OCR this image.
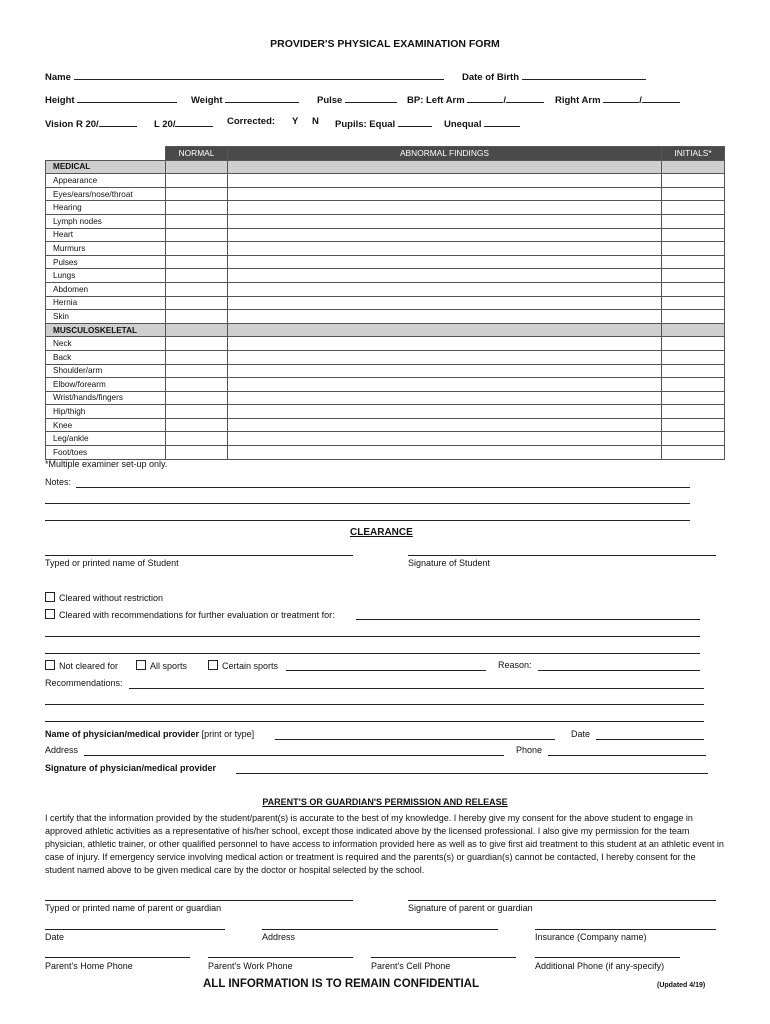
PROVIDER'S PHYSICAL EXAMINATION FORM
Name	Date of Birth
Height	Weight	Pulse	BP: Left Arm	/	Right Arm	/
Vision R 20/	L 20/	Corrected: Y N Pupils: Equal	Unequal
	NORMAL	ABNORMAL FINDINGS	INITIALS*
MEDICAL			
Appearance			
Eyes/ears/nose/throat			
Hearing			
Lymph nodes			
Heart			
Murmurs			
Pulses			
Lungs			
Abdomen			
Hernia			
Skin			
MUSCULOSKELETAL			
Neck			
Back			
Shoulder/arm			
Elbow/forearm			
Wrist/hands/fingers			
Hip/thigh			
Knee			
Leg/ankle			
Foot/toes			
*Multiple examiner set-up only.
Notes:
CLEARANCE
Typed or printed name of Student	Signature of Student
Cleared without restriction
Cleared with recommendations for further evaluation or treatment for:
Not cleared for	All sports	Certain sports	Reason:
Recommendations:
Name of physician/medical provider [print or type]	Date
Address	Phone
Signature of physician/medical provider
PARENT'S OR GUARDIAN'S PERMISSION AND RELEASE
I certify that the information provided by the student/parent(s) is accurate to the best of my knowledge. I hereby give my consent for the above student to engage in approved athletic activities as a representative of his/her school, except those indicated above by the licensed professional. I also give my permission for the team physician, athletic trainer, or other qualified personnel to have access to information provided here as well as to give first aid treatment to this student at an athletic event in case of injury. If emergency service involving medical action or treatment is required and the parents(s) or guardian(s) cannot be contacted, I hereby consent for the student named above to be given medical care by the doctor or hospital selected by the school.
Typed or printed name of parent or guardian	Signature of parent or guardian
Date	Address	Insurance (Company name)
Parent's Home Phone	Parent's Work Phone	Parent's Cell Phone	Additional Phone (if any-specify)
ALL INFORMATION IS TO REMAIN CONFIDENTIAL	(Updated 4/19)
